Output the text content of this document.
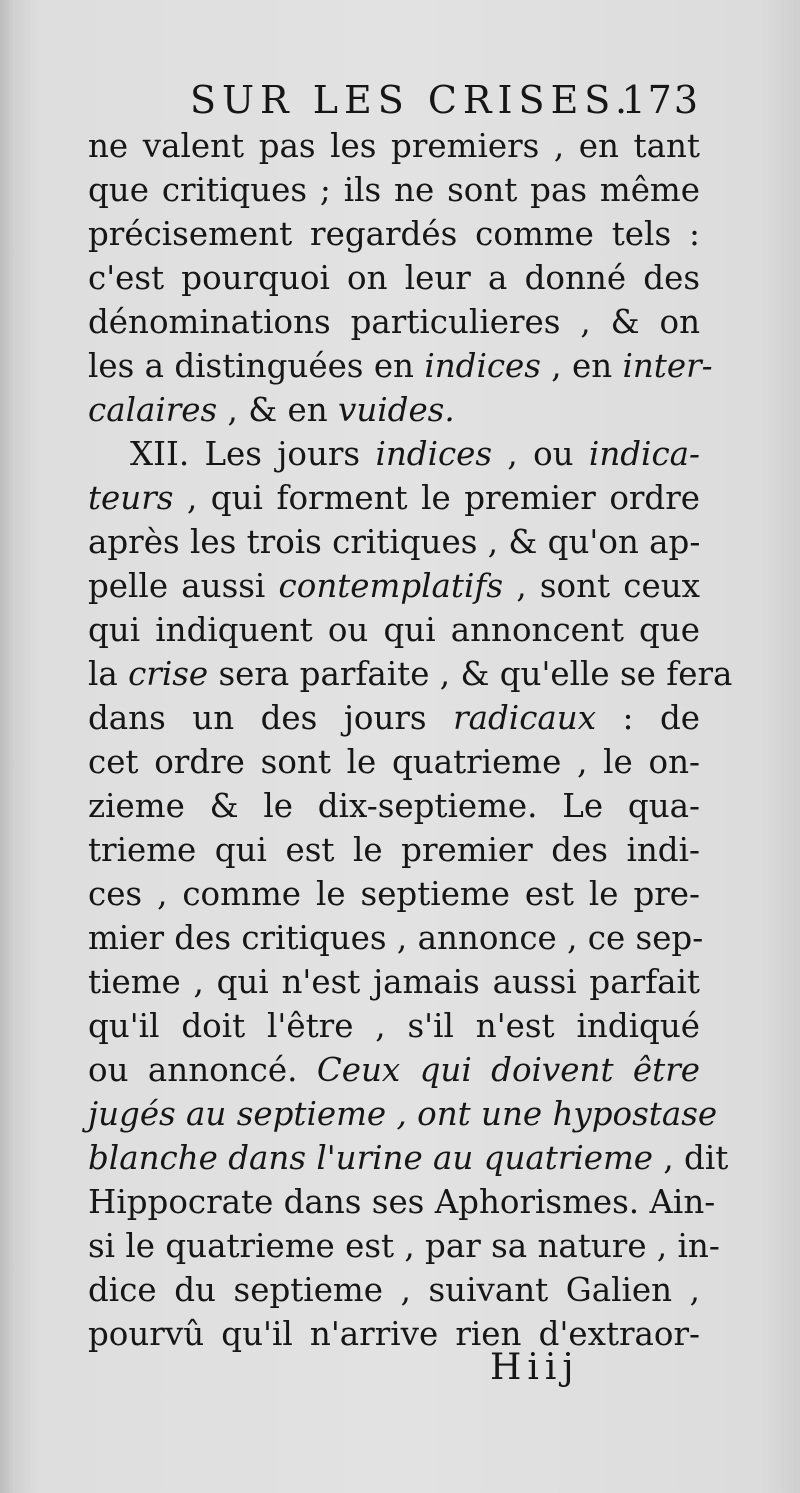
SUR LES CRISES.
173
ne valent pas les premiers , en tant
que critiques ; ils ne sont pas même
précisement regardés comme tels :
c'est pourquoi on leur a donné des
dénominations particulieres , & on
les a distinguées en indices , en inter-
calaires , & en vuides.
XII. Les jours indices , ou indica-
teurs , qui forment le premier ordre
après les trois critiques , & qu'on ap-
pelle aussi contemplatifs , sont ceux
qui indiquent ou qui annoncent que
la crise sera parfaite , & qu'elle se fera
dans un des jours radicaux : de
cet ordre sont le quatrieme , le on-
zieme & le dix-septieme. Le qua-
trieme qui est le premier des indi-
ces , comme le septieme est le pre-
mier des critiques , annonce , ce sep-
tieme , qui n'est jamais aussi parfait
qu'il doit l'être , s'il n'est indiqué
ou annoncé. Ceux qui doivent être
jugés au septieme , ont une hypostase
blanche dans l'urine au quatrieme , dit
Hippocrate dans ses Aphorismes. Ain-
si le quatrieme est , par sa nature , in-
dice du septieme , suivant Galien ,
pourvû qu'il n'arrive rien d'extraor-
Hiij
